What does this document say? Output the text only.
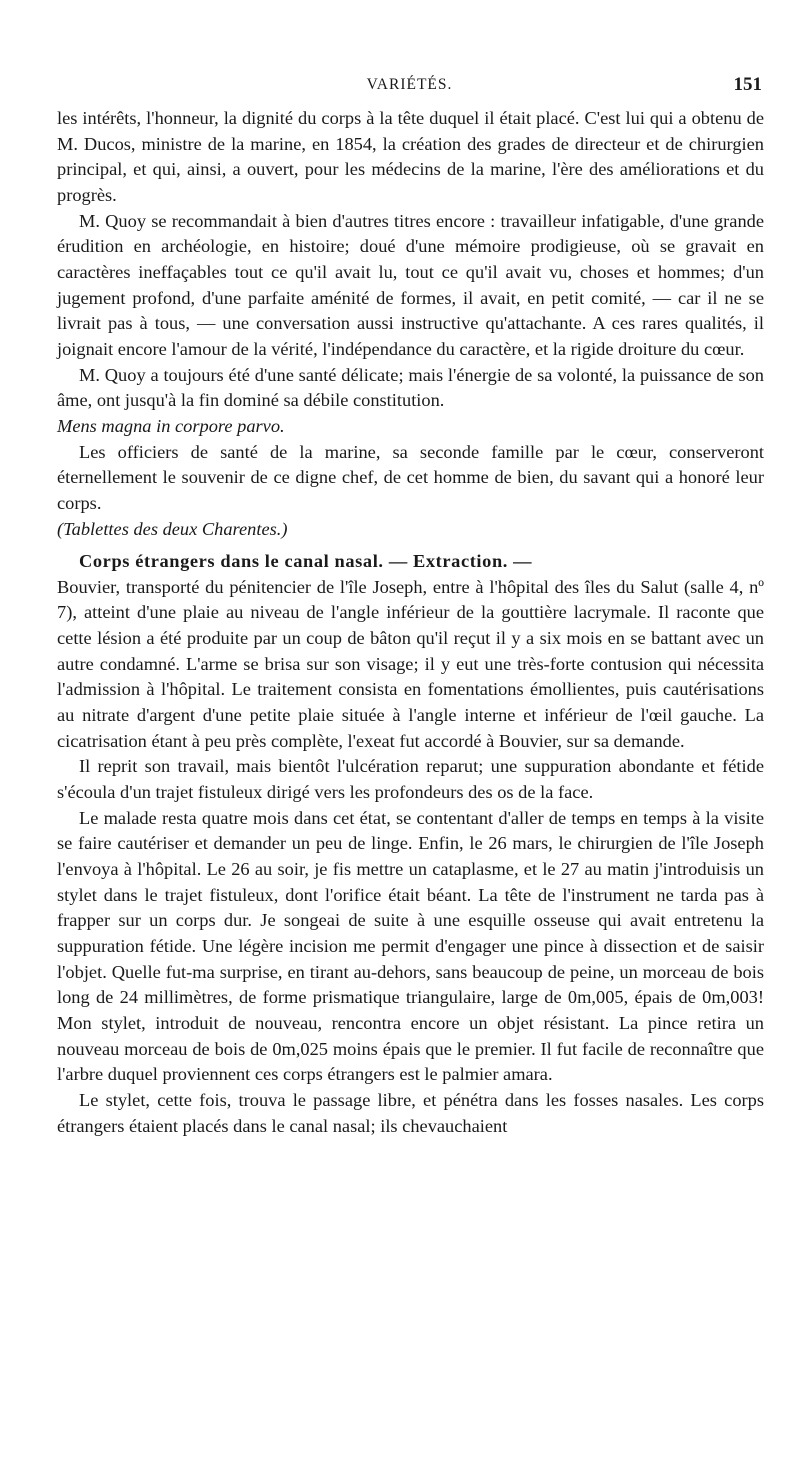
VARIÉTÉS.	151

les intérêts, l'honneur, la dignité du corps à la tête duquel il était placé. C'est lui qui a obtenu de M. Ducos, ministre de la marine, en 1854, la création des grades de directeur et de chirurgien principal, et qui, ainsi, a ouvert, pour les médecins de la marine, l'ère des améliorations et du progrès.

M. Quoy se recommandait à bien d'autres titres encore : travailleur infatigable, d'une grande érudition en archéologie, en histoire; doué d'une mémoire prodigieuse, où se gravait en caractères ineffaçables tout ce qu'il avait lu, tout ce qu'il avait vu, choses et hommes; d'un jugement profond, d'une parfaite aménité de formes, il avait, en petit comité, — car il ne se livrait pas à tous, — une conversation aussi instructive qu'attachante. A ces rares qualités, il joignait encore l'amour de la vérité, l'indépendance du caractère, et la rigide droiture du cœur.

M. Quoy a toujours été d'une santé délicate; mais l'énergie de sa volonté, la puissance de son âme, ont jusqu'à la fin dominé sa débile constitution.

Mens magna in corpore parvo.

Les officiers de santé de la marine, sa seconde famille par le cœur, conserveront éternellement le souvenir de ce digne chef, de cet homme de bien, du savant qui a honoré leur corps.

(Tablettes des deux Charentes.)

Corps étrangers dans le canal nasal. — Extraction. —

Bouvier, transporté du pénitencier de l'île Joseph, entre à l'hôpital des îles du Salut (salle 4, nº 7), atteint d'une plaie au niveau de l'angle inférieur de la gouttière lacrymale. Il raconte que cette lésion a été produite par un coup de bâton qu'il reçut il y a six mois en se battant avec un autre condamné. L'arme se brisa sur son visage; il y eut une très-forte contusion qui nécessita l'admission à l'hôpital. Le traitement consista en fomentations émollientes, puis cautérisations au nitrate d'argent d'une petite plaie située à l'angle interne et inférieur de l'œil gauche. La cicatrisation étant à peu près complète, l'exeat fut accordé à Bouvier, sur sa demande.

Il reprit son travail, mais bientôt l'ulcération reparut; une suppuration abondante et fétide s'écoula d'un trajet fistuleux dirigé vers les profondeurs des os de la face.

Le malade resta quatre mois dans cet état, se contentant d'aller de temps en temps à la visite se faire cautériser et demander un peu de linge. Enfin, le 26 mars, le chirurgien de l'île Joseph l'envoya à l'hôpital. Le 26 au soir, je fis mettre un cataplasme, et le 27 au matin j'introduisis un stylet dans le trajet fistuleux, dont l'orifice était béant. La tête de l'instrument ne tarda pas à frapper sur un corps dur. Je songeai de suite à une esquille osseuse qui avait entretenu la suppuration fétide. Une légère incision me permit d'engager une pince à dissection et de saisir l'objet. Quelle fut-ma surprise, en tirant au-dehors, sans beaucoup de peine, un morceau de bois long de 24 millimètres, de forme prismatique triangulaire, large de 0m,005, épais de 0m,003! Mon stylet, introduit de nouveau, rencontra encore un objet résistant. La pince retira un nouveau morceau de bois de 0m,025 moins épais que le premier. Il fut facile de reconnaître que l'arbre duquel proviennent ces corps étrangers est le palmier amara.

Le stylet, cette fois, trouva le passage libre, et pénétra dans les fosses nasales. Les corps étrangers étaient placés dans le canal nasal; ils chevauchaient
